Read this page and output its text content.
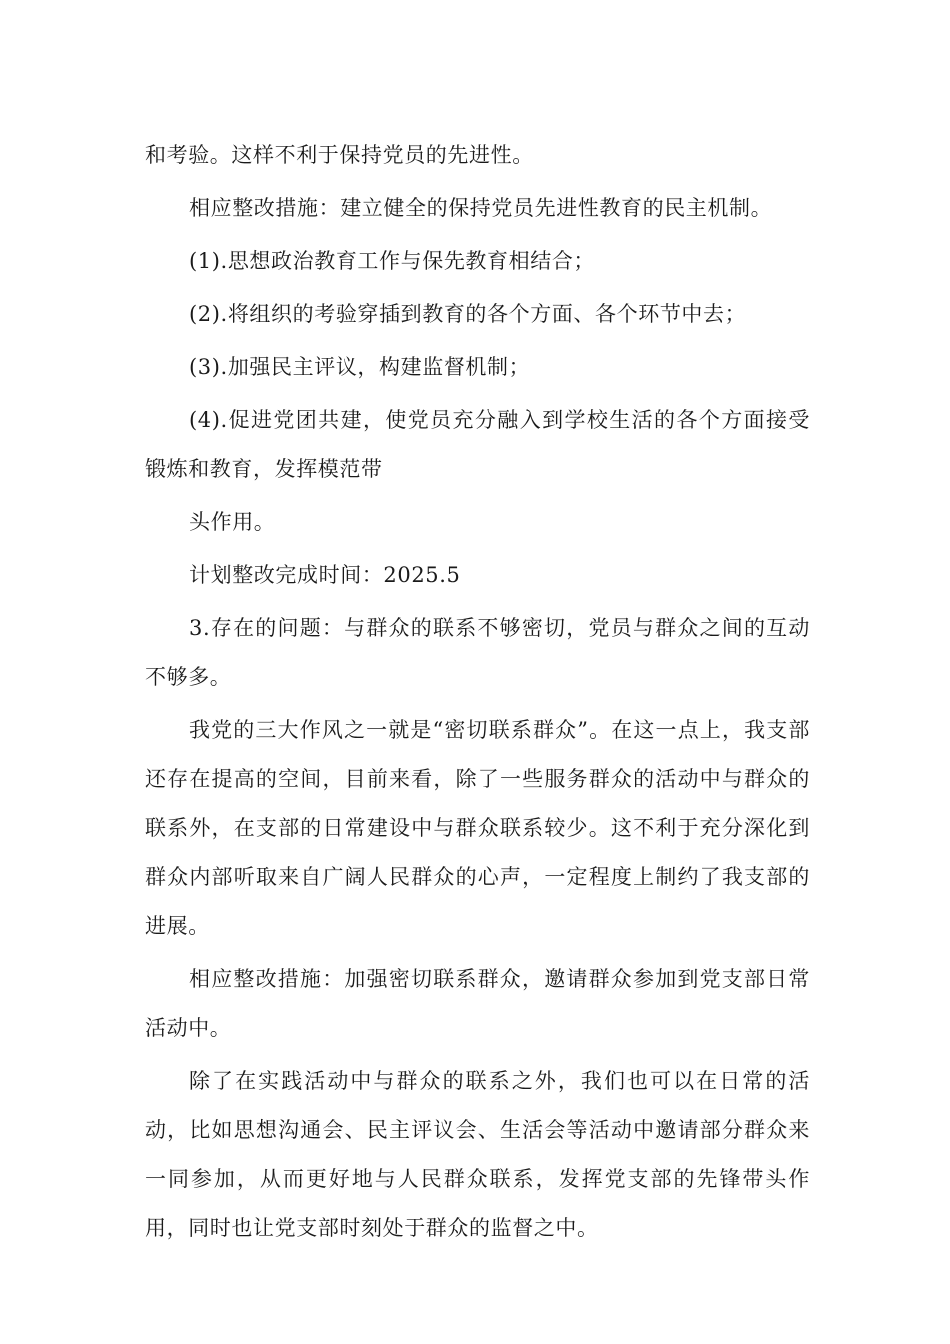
和考验。这样不利于保持党员的先进性。

相应整改措施：建立健全的保持党员先进性教育的民主机制。

(1).思想政治教育工作与保先教育相结合；

(2).将组织的考验穿插到教育的各个方面、各个环节中去；

(3).加强民主评议，构建监督机制；

(4).促进党团共建，使党员充分融入到学校生活的各个方面接受锻炼和教育，发挥模范带

头作用。

计划整改完成时间：2025.5

3.存在的问题：与群众的联系不够密切，党员与群众之间的互动不够多。

我党的三大作风之一就是“密切联系群众”。在这一点上，我支部还存在提高的空间，目前来看，除了一些服务群众的活动中与群众的联系外，在支部的日常建设中与群众联系较少。这不利于充分深化到群众内部听取来自广阔人民群众的心声，一定程度上制约了我支部的进展。

相应整改措施：加强密切联系群众，邀请群众参加到党支部日常活动中。

除了在实践活动中与群众的联系之外，我们也可以在日常的活动，比如思想沟通会、民主评议会、生活会等活动中邀请部分群众来一同参加，从而更好地与人民群众联系，发挥党支部的先锋带头作用，同时也让党支部时刻处于群众的监督之中。
